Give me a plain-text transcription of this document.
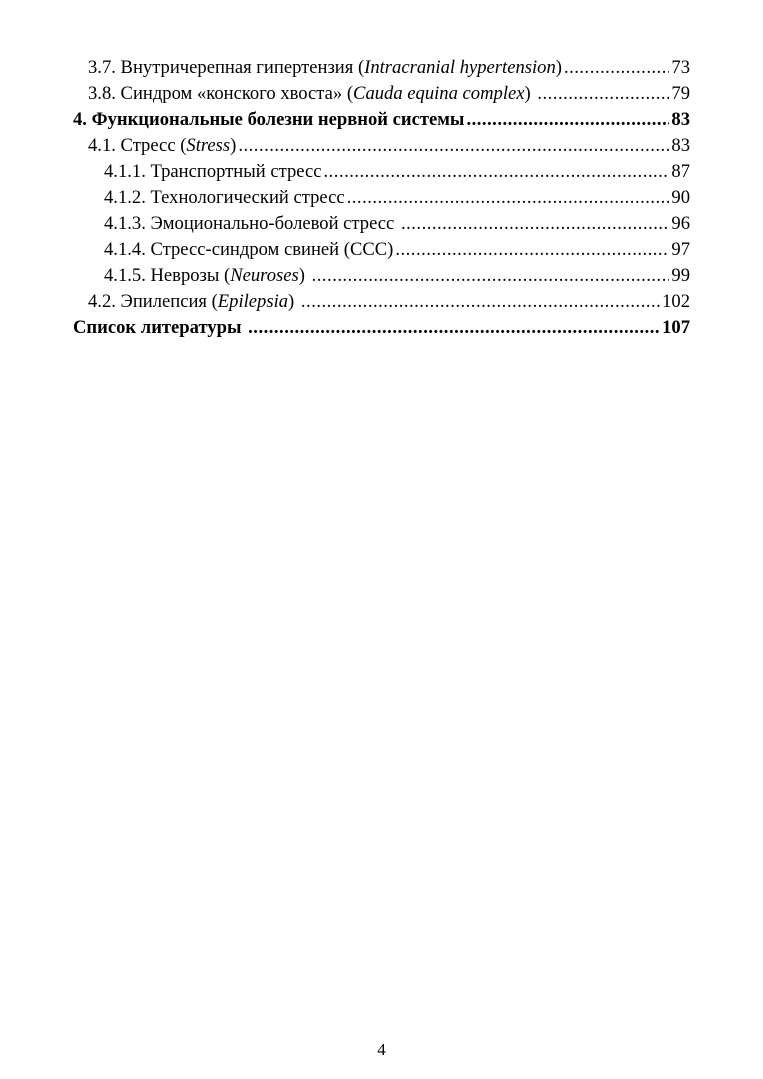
3.7. Внутричерепная гипертензия (Intracranial hypertension) .....	73
3.8. Синдром «конского хвоста» (Cauda equina complex) .....	79
4. Функциональные болезни нервной системы .....	83
4.1. Стресс (Stress) .....	83
4.1.1. Транспортный стресс .....	87
4.1.2. Технологический стресс .....	90
4.1.3. Эмоционально-болевой стресс .....	96
4.1.4. Стресс-синдром свиней (ССС) .....	97
4.1.5. Неврозы (Neuroses) .....	99
4.2. Эпилепсия (Epilepsia) .....	102
Список литературы .....	107
4
